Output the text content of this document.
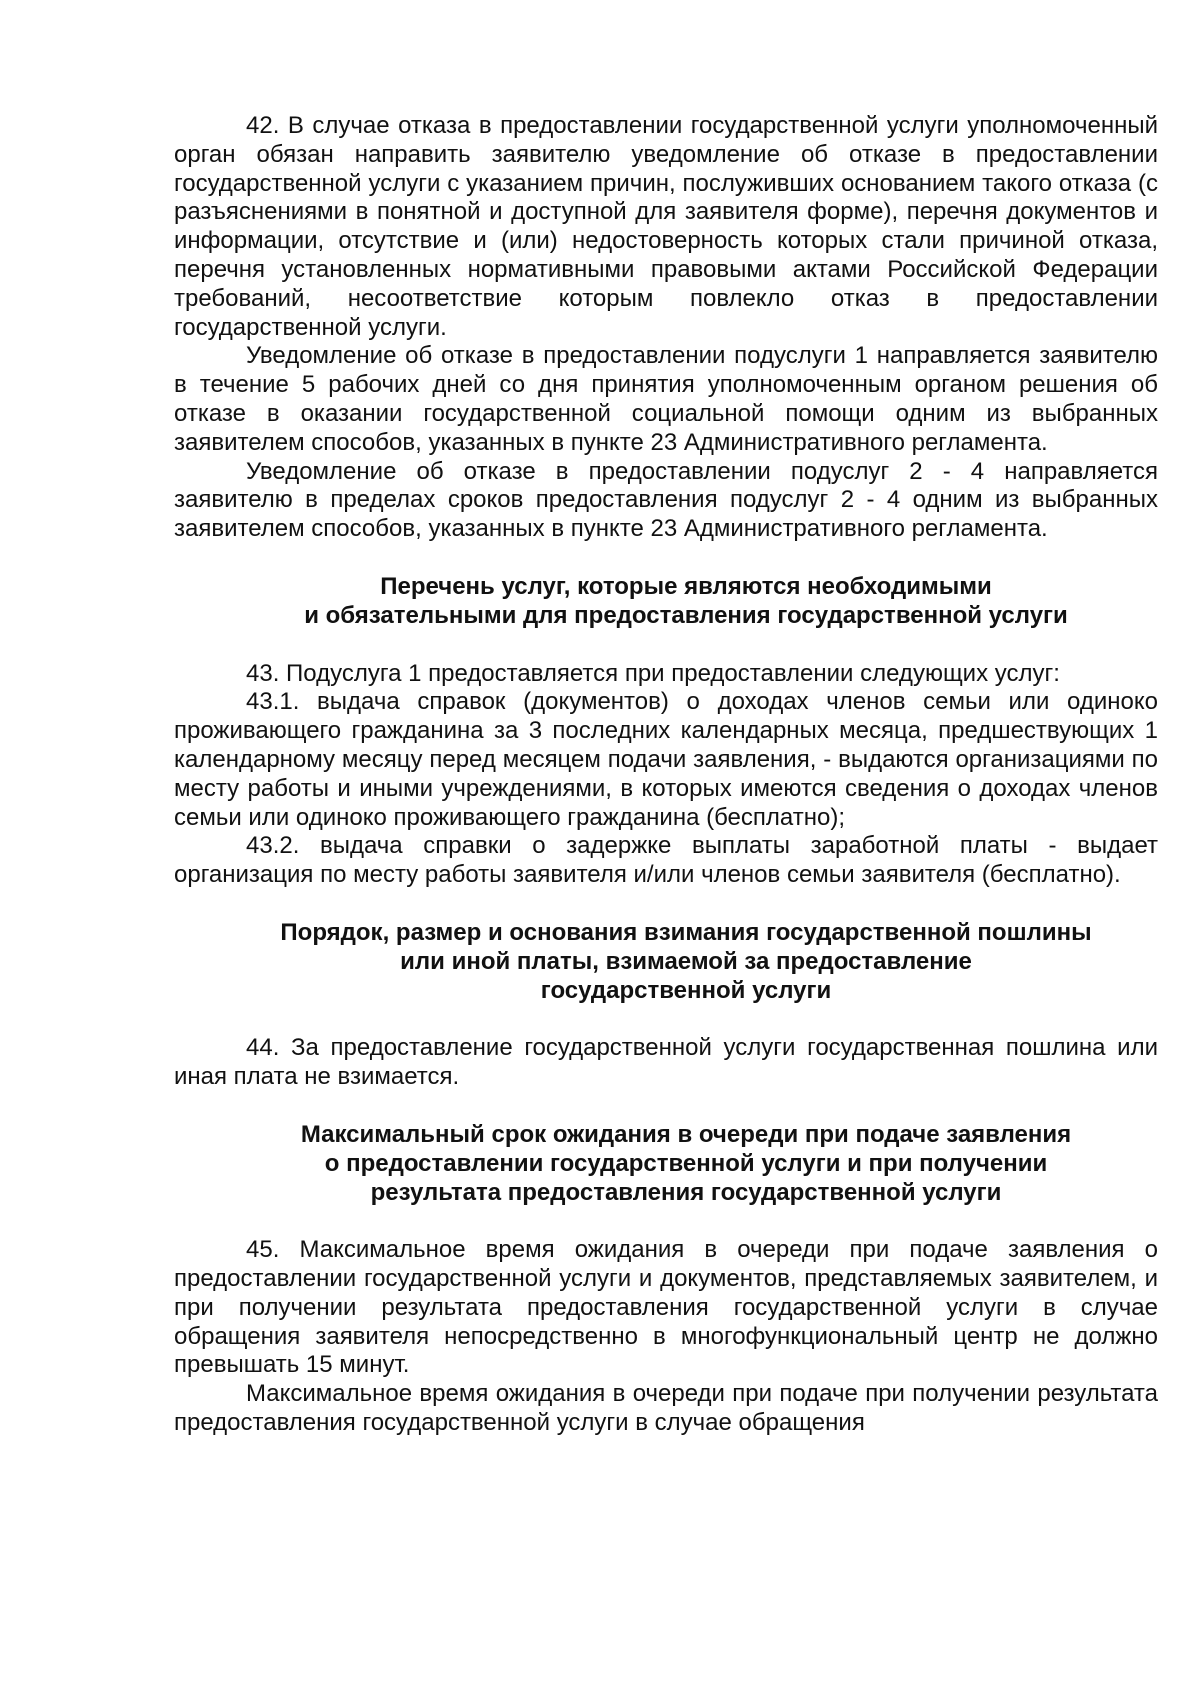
42. В случае отказа в предоставлении государственной услуги уполномоченный орган обязан направить заявителю уведомление об отказе в предоставлении государственной услуги с указанием причин, послуживших основанием такого отказа (с разъяснениями в понятной и доступной для заявителя форме), перечня документов и информации, отсутствие и (или) недостоверность которых стали причиной отказа, перечня установленных нормативными правовыми актами Российской Федерации требований, несоответствие которым повлекло отказ в предоставлении государственной услуги.

Уведомление об отказе в предоставлении подуслуги 1 направляется заявителю в течение 5 рабочих дней со дня принятия уполномоченным органом решения об отказе в оказании государственной социальной помощи одним из выбранных заявителем способов, указанных в пункте 23 Административного регламента.

Уведомление об отказе в предоставлении подуслуг 2 - 4 направляется заявителю в пределах сроков предоставления подуслуг 2 - 4 одним из выбранных заявителем способов, указанных в пункте 23 Административного регламента.

Перечень услуг, которые являются необходимыми
и обязательными для предоставления государственной услуги

43. Подуслуга 1 предоставляется при предоставлении следующих услуг:

43.1. выдача справок (документов) о доходах членов семьи или одиноко проживающего гражданина за 3 последних календарных месяца, предшествующих 1 календарному месяцу перед месяцем подачи заявления, - выдаются организациями по месту работы и иными учреждениями, в которых имеются сведения о доходах членов семьи или одиноко проживающего гражданина (бесплатно);

43.2. выдача справки о задержке выплаты заработной платы - выдает организация по месту работы заявителя и/или членов семьи заявителя (бесплатно).

Порядок, размер и основания взимания государственной пошлины
или иной платы, взимаемой за предоставление
государственной услуги

44. За предоставление государственной услуги государственная пошлина или иная плата не взимается.

Максимальный срок ожидания в очереди при подаче заявления
о предоставлении государственной услуги и при получении
результата предоставления государственной услуги

45. Максимальное время ожидания в очереди при подаче заявления о предоставлении государственной услуги и документов, представляемых заявителем, и при получении результата предоставления государственной услуги в случае обращения заявителя непосредственно в многофункциональный центр не должно превышать 15 минут.

Максимальное время ожидания в очереди при подаче при получении результата предоставления государственной услуги в случае обращения
